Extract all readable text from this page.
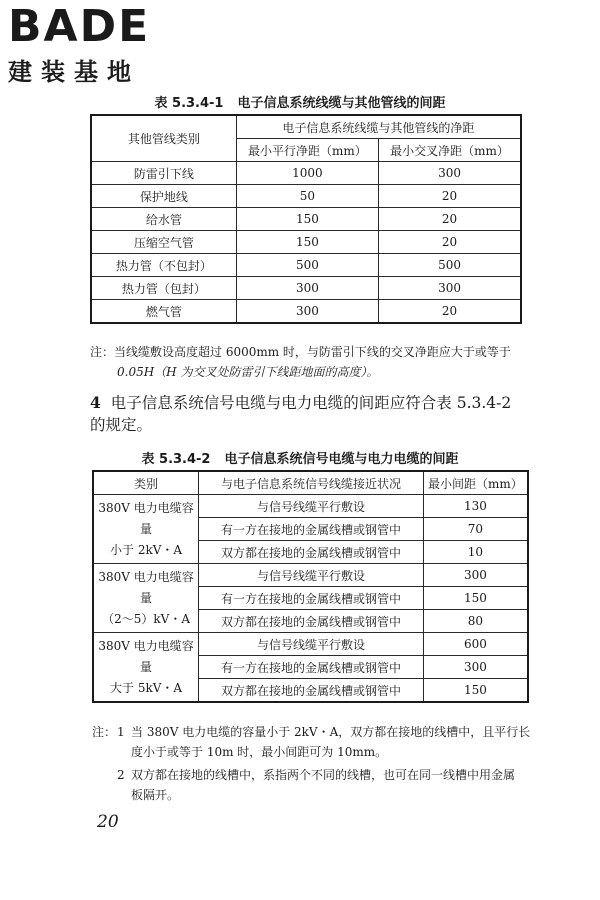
BADE
建装基地
表 5.3.4-1 电子信息系统线缆与其他管线的间距
其他管线类别	电子信息系统线缆与其他管线的净距	
	最小平行净距（mm）	最小交叉净距（mm）
防雷引下线	1000	300
保护地线	50	20
给水管	150	20
压缩空气管	150	20
热力管（不包封）	500	500
热力管（包封）	300	300
燃气管	300	20
注：当线缆敷设高度超过 6000mm 时，与防雷引下线的交叉净距应大于或等于
0.05H（H 为交叉处防雷引下线距地面的高度）。
4 电子信息系统信号电缆与电力电缆的间距应符合表 5.3.4-2 的规定。
表 5.3.4-2 电子信息系统信号电缆与电力电缆的间距
类别	与电子信息系统信号线缆接近状况	最小间距（mm）

380V 电力电缆容量
小于 2kV・A	与信号线缆平行敷设	130
	有一方在接地的金属线槽或钢管中	70
	双方都在接地的金属线槽或钢管中	10

380V 电力电缆容量
（2～5）kV・A	与信号线缆平行敷设	300
	有一方在接地的金属线槽或钢管中	150
	双方都在接地的金属线槽或钢管中	80

380V 电力电缆容量
大于 5kV・A	与信号线缆平行敷设	600
	有一方在接地的金属线槽或钢管中	300
	双方都在接地的金属线槽或钢管中	150
注： 1 当 380V 电力电缆的容量小于 2kV・A，双方都在接地的线槽中，且平行长
度小于或等于 10m 时，最小间距可为 10mm。
2 双方都在接地的线槽中，系指两个不同的线槽，也可在同一线槽中用金属
板隔开。
20
